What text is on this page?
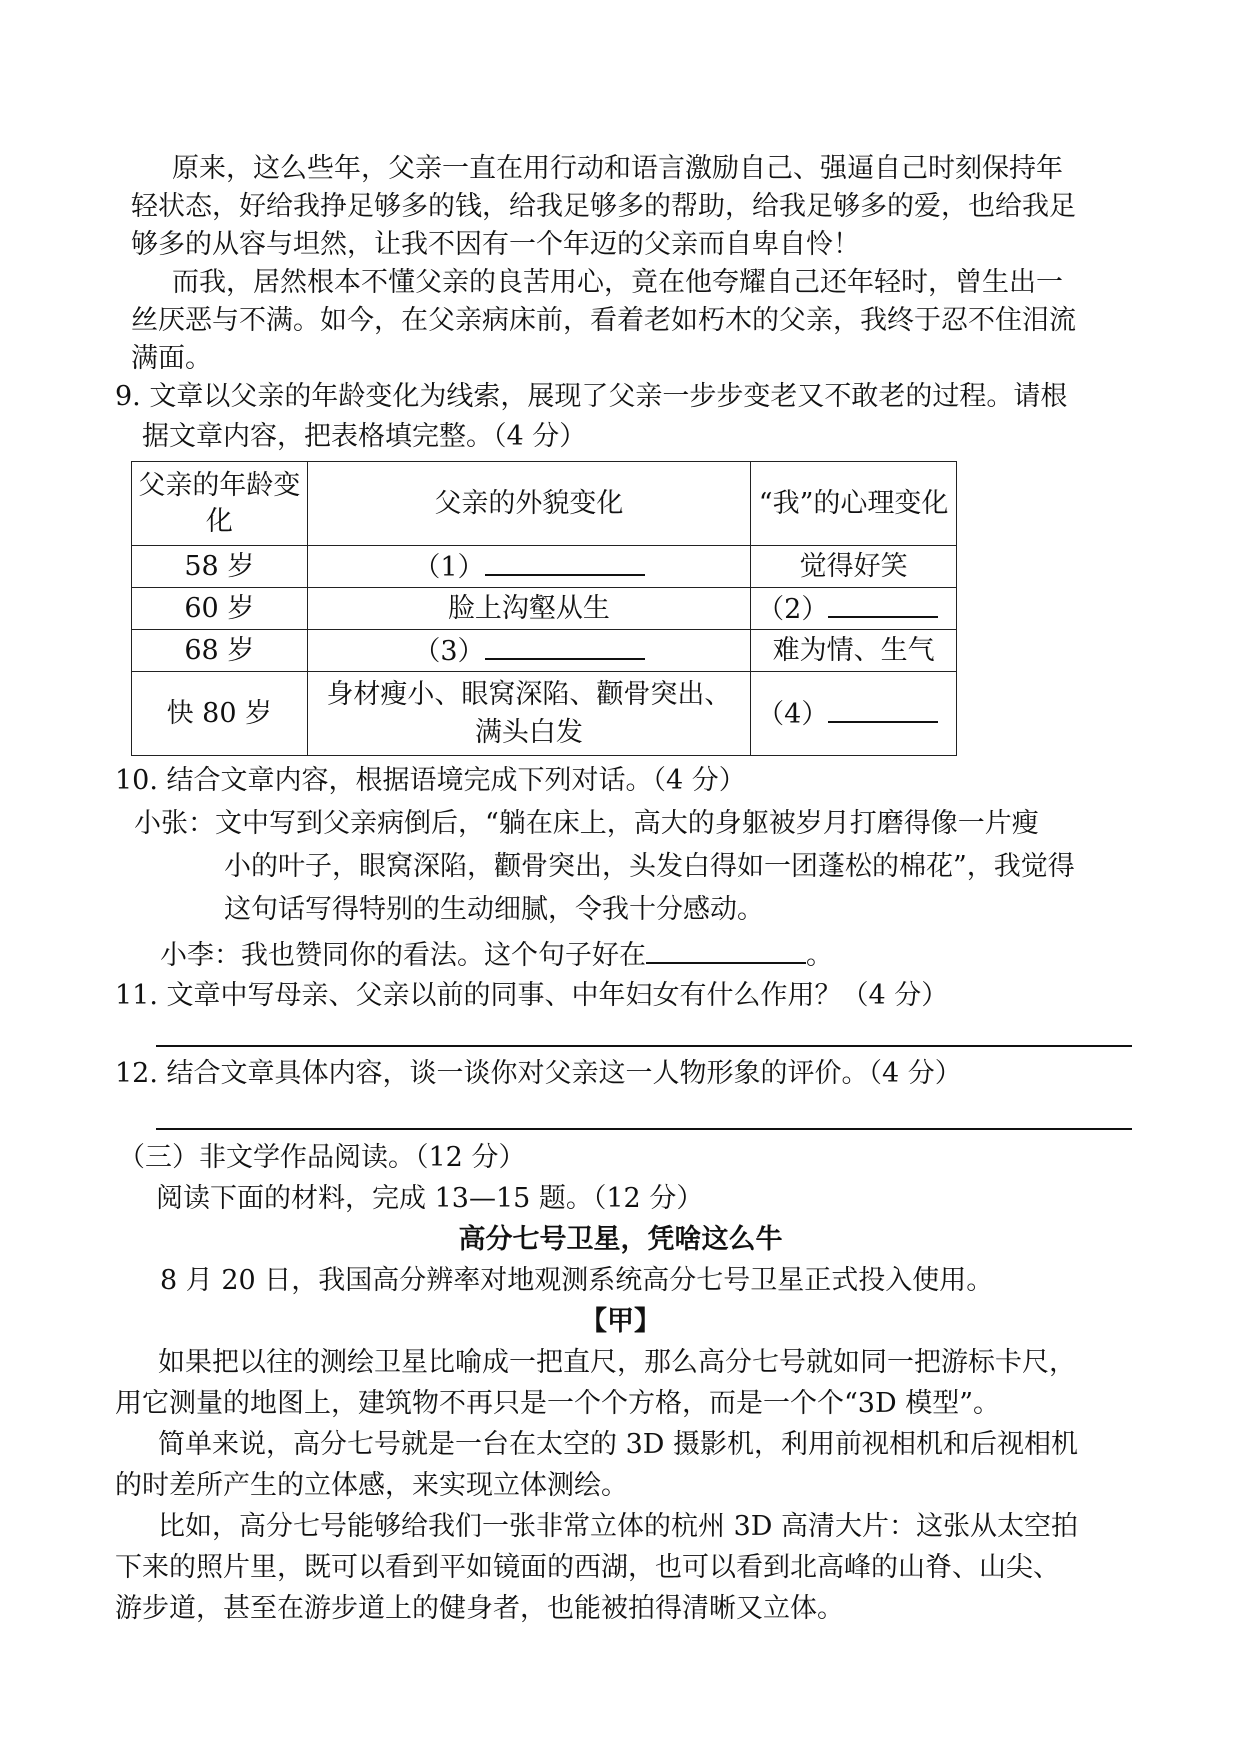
原来，这么些年，父亲一直在用行动和语言激励自己、强逼自己时刻保持年
轻状态，好给我挣足够多的钱，给我足够多的帮助，给我足够多的爱，也给我足
够多的从容与坦然，让我不因有一个年迈的父亲而自卑自怜！
而我，居然根本不懂父亲的良苦用心，竟在他夸耀自己还年轻时，曾生出一
丝厌恶与不满。如今，在父亲病床前，看着老如朽木的父亲，我终于忍不住泪流
满面。
9. 文章以父亲的年龄变化为线索，展现了父亲一步步变老又不敢老的过程。请根
据文章内容，把表格填完整。（4 分）
父亲的年龄变化	父亲的外貌变化	“我”的心理变化
58 岁	（1）	觉得好笑
60 岁	脸上沟壑从生	（2）
68 岁	（3）	难为情、生气
快 80 岁	身材瘦小、眼窝深陷、颧骨突出、满头白发	（4）
10. 结合文章内容，根据语境完成下列对话。（4 分）
小张：文中写到父亲病倒后，“躺在床上，高大的身躯被岁月打磨得像一片瘦
小的叶子，眼窝深陷，颧骨突出，头发白得如一团蓬松的棉花”，我觉得
这句话写得特别的生动细腻，令我十分感动。
小李：我也赞同你的看法。这个句子好在	。
11. 文章中写母亲、父亲以前的同事、中年妇女有什么作用？（4 分）
12. 结合文章具体内容，谈一谈你对父亲这一人物形象的评价。（4 分）
（三）非文学作品阅读。（12 分）
阅读下面的材料，完成 13—15 题。（12 分）
高分七号卫星，凭啥这么牛
8 月 20 日，我国高分辨率对地观测系统高分七号卫星正式投入使用。
【甲】
如果把以往的测绘卫星比喻成一把直尺，那么高分七号就如同一把游标卡尺，
用它测量的地图上，建筑物不再只是一个个方格，而是一个个“3D 模型”。
简单来说，高分七号就是一台在太空的 3D 摄影机，利用前视相机和后视相机
的时差所产生的立体感，来实现立体测绘。
比如，高分七号能够给我们一张非常立体的杭州 3D 高清大片：这张从太空拍
下来的照片里，既可以看到平如镜面的西湖，也可以看到北高峰的山脊、山尖、
游步道，甚至在游步道上的健身者，也能被拍得清晰又立体。
